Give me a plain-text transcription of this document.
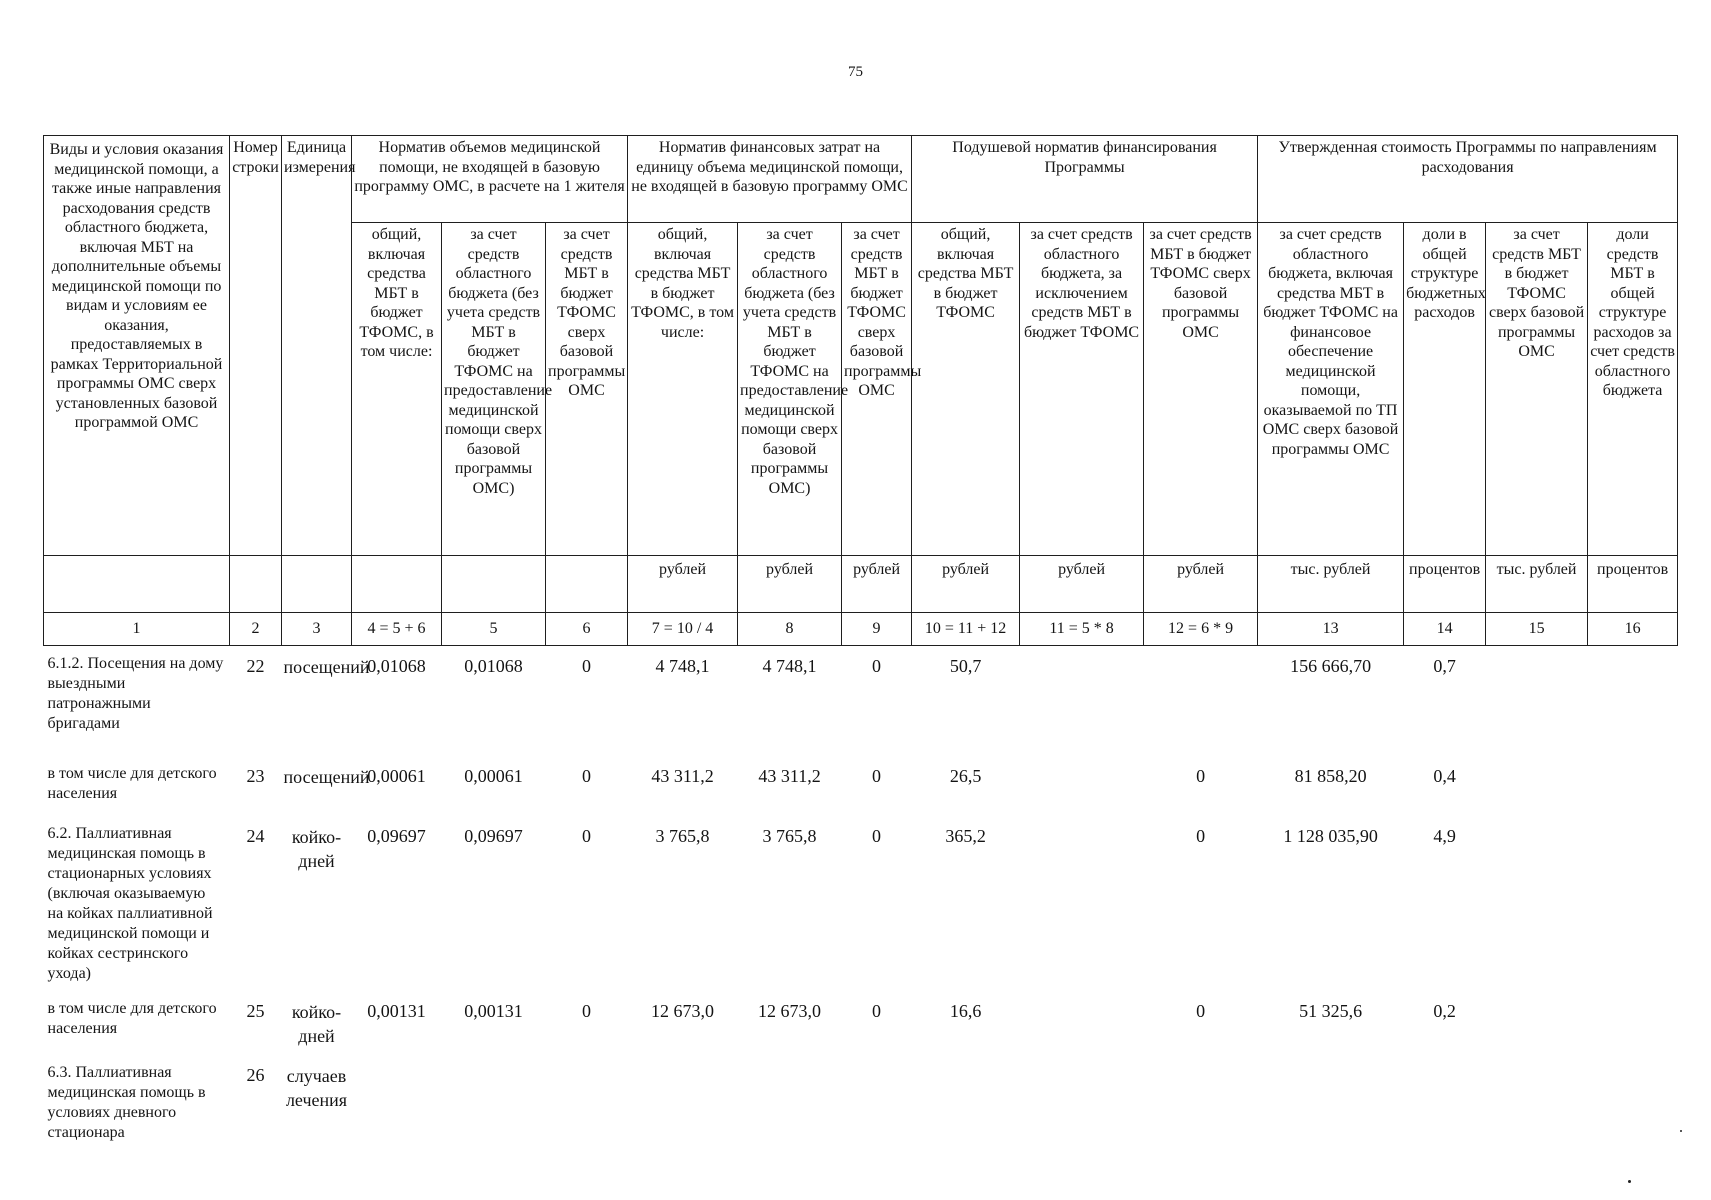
75
Виды и условия оказания медицинской помощи, а также иные направления расходования средств областного бюджета, включая МБТ на дополнительные объемы медицинской помощи по видам и условиям ее оказания, предоставляемых в рамках Территориальной программы ОМС сверх установленных базовой программой ОМС	Номер строки	Единица измерения	Норматив объемов медицинской помощи, не входящей в базовую программу ОМС, в расчете на 1 жителя			Норматив финансовых затрат на единицу объема медицинской помощи, не входящей в базовую программу ОМС			Подушевой норматив финансирования Программы			Утвержденная стоимость Программы по направлениям расходования			
			общий, включая средства МБТ в бюджет ТФОМС, в том числе:	за счет средств областного бюджета (без учета средств МБТ в бюджет ТФОМС на предоставление медицинской помощи сверх базовой программы ОМС)	за счет средств МБТ в бюджет ТФОМС сверх базовой программы ОМС	общий, включая средства МБТ в бюджет ТФОМС, в том числе:	за счет средств областного бюджета (без учета средств МБТ в бюджет ТФОМС на предоставление медицинской помощи сверх базовой программы ОМС)	за счет средств МБТ в бюджет ТФОМС сверх базовой программы ОМС	общий, включая средства МБТ в бюджет ТФОМС	за счет средств областного бюджета, за исключением средств МБТ в бюджет ТФОМС	за счет средств МБТ в бюджет ТФОМС сверх базовой программы ОМС	за счет средств областного бюджета, включая средства МБТ в бюджет ТФОМС на финансовое обеспечение медицинской помощи, оказываемой по ТП ОМС сверх базовой программы ОМС	доли в общей структуре бюджетных расходов	за счет средств МБТ в бюджет ТФОМС сверх базовой программы ОМС	доли средств МБТ в общей структуре расходов за счет средств областного бюджета
						рублей	рублей	рублей	рублей	рублей	рублей	тыс. рублей	процентов	тыс. рублей	процентов
1	2	3	4 = 5 + 6	5	6	7 = 10 / 4	8	9	10 = 11 + 12	11 = 5 * 8	12 = 6 * 9	13	14	15	16
6.1.2. Посещения на дому выездными патронажными бригадами	22	посещений	0,01068	0,01068	0	4 748,1	4 748,1	0	50,7			156 666,70	0,7		
в том числе для детского населения	23	посещений	0,00061	0,00061	0	43 311,2	43 311,2	0	26,5		0	81 858,20	0,4		
6.2. Паллиативная медицинская помощь в стационарных условиях (включая оказываемую на койках паллиативной медицинской помощи и койках сестринского ухода)	24	койко-дней	0,09697	0,09697	0	3 765,8	3 765,8	0	365,2		0	1 128 035,90	4,9		
в том числе для детского населения	25	койко-дней	0,00131	0,00131	0	12 673,0	12 673,0	0	16,6		0	51 325,6	0,2		
6.3. Паллиативная медицинская помощь в условиях дневного стационара	26	случаев лечения													
